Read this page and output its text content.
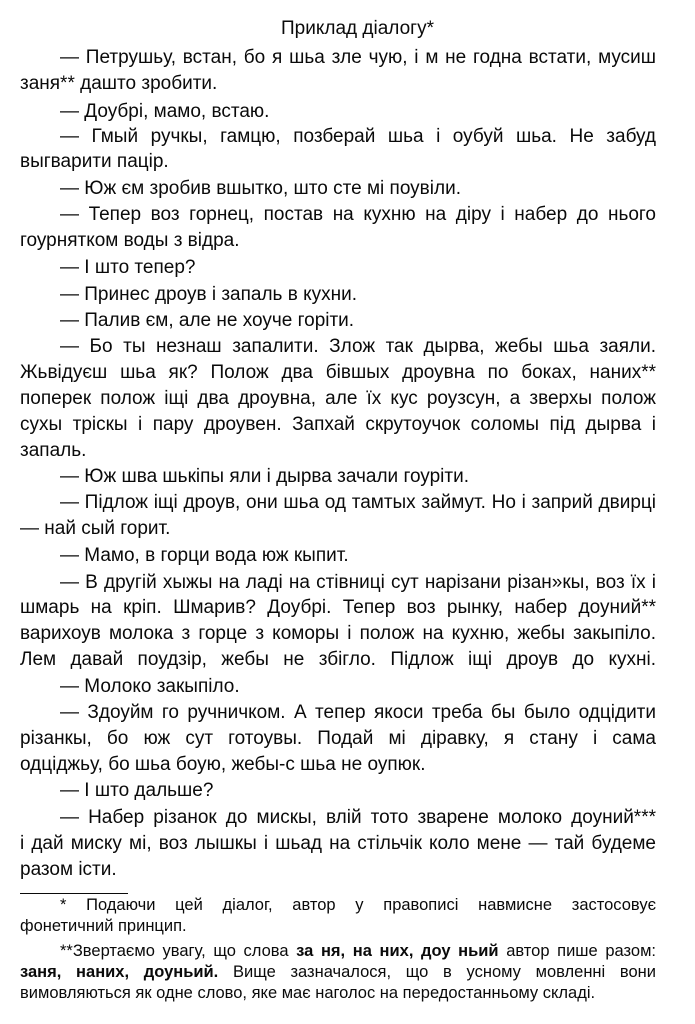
Приклад діалогу*
— Петрушьу, встан, бо я шьа зле чую, і м не годна встати, мусиш
заня** дашто зробити.
— Доубрі, мамо, встаю.
— Гмый ручкы, гамцю, позберай шьа і оубуй шьа. Не забуд
выгварити пацір.
— Юж єм зробив вшытко, што сте мі поувіли.
— Тепер воз горнец, постав на кухню на діру і набер до нього
гоурнятком воды з відра.
— І што тепер?
— Принес дроув і запаль в кухни.
— Палив єм, але не хоуче горіти.
— Бо ты незнаш запалити. Злож так дырва, жебы шьа заяли.
Жьвідуєш шьа як? Полож два бівшых дроувна по боках, наних**
поперек полож іщі два дроувна, але їх кус роузсун, а зверхы полож
сухы тріскы і пару дроувен. Запхай скрутоучок соломы під дырва і
запаль.
— Юж шва шькіпы яли і дырва зачали гоуріти.
— Підлож іщі дроув, они шьа од тамтых займут. Но і заприй двирці
— най сый горит.
— Мамо, в горци вода юж кыпит.
— В другій хыжы на ладі на стівниці сут нарізани різан»кы, воз їх і
шмарь на кріп. Шмарив? Доубрі. Тепер воз рынку, набер доуний**
варихоув молока з горце з коморы і полож на кухню, жебы закыпіло.
Лем давай поудзір, жебы не збігло. Підлож іщі дроув до кухні.
— Молоко закыпіло.
— Здоуйм го ручничком. А тепер якоси треба бы было одцідити
різанкы, бо юж сут готоувы. Подай мі діравку, я стану і сама
одціджьу, бо шьа боую, жебы-с шьа не оупюк.
— І што дальше?
— Набер різанок до мискы, влій тото зварене молоко доуний***
і дай миску мі, воз лышкы і шьад на стільчік коло мене — тай будеме
разом істи.
* Подаючи цей діалог, автор у правописі навмисне застосовує
фонетичний принцип.
**Звертаємо увагу, що слова за ня, на них, доу ньий автор пише разом:
заня, наних, доуньий. Вище зазначалося, що в усному мовленні вони
вимовляються як одне слово, яке має наголос на передостанньому складі.
